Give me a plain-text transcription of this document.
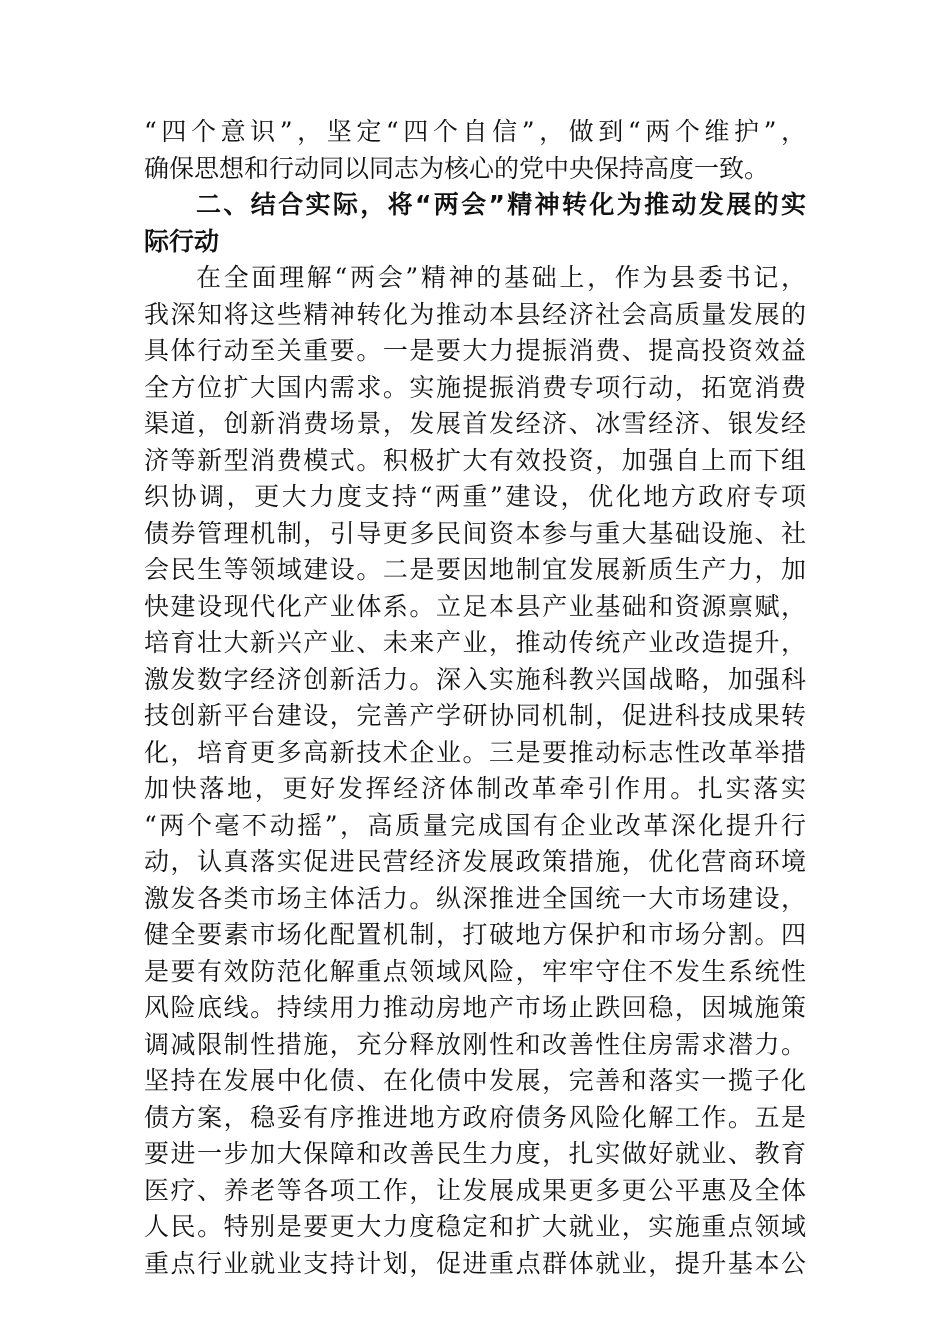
“四个意识”，坚定“四个自信”，做到“两个维护”，
确保思想和行动同以同志为核心的党中央保持高度一致。
二、结合实际，将“两会”精神转化为推动发展的实
际行动
在全面理解“两会”精神的基础上，作为县委书记，
我深知将这些精神转化为推动本县经济社会高质量发展的
具体行动至关重要。一是要大力提振消费、提高投资效益
全方位扩大国内需求。实施提振消费专项行动，拓宽消费
渠道，创新消费场景，发展首发经济、冰雪经济、银发经
济等新型消费模式。积极扩大有效投资，加强自上而下组
织协调，更大力度支持“两重”建设，优化地方政府专项
债券管理机制，引导更多民间资本参与重大基础设施、社
会民生等领域建设。二是要因地制宜发展新质生产力，加
快建设现代化产业体系。立足本县产业基础和资源禀赋，
培育壮大新兴产业、未来产业，推动传统产业改造提升，
激发数字经济创新活力。深入实施科教兴国战略，加强科
技创新平台建设，完善产学研协同机制，促进科技成果转
化，培育更多高新技术企业。三是要推动标志性改革举措
加快落地，更好发挥经济体制改革牵引作用。扎实落实
“两个毫不动摇”，高质量完成国有企业改革深化提升行
动，认真落实促进民营经济发展政策措施，优化营商环境
激发各类市场主体活力。纵深推进全国统一大市场建设，
健全要素市场化配置机制，打破地方保护和市场分割。四
是要有效防范化解重点领域风险，牢牢守住不发生系统性
风险底线。持续用力推动房地产市场止跌回稳，因城施策
调减限制性措施，充分释放刚性和改善性住房需求潜力。
坚持在发展中化债、在化债中发展，完善和落实一揽子化
债方案，稳妥有序推进地方政府债务风险化解工作。五是
要进一步加大保障和改善民生力度，扎实做好就业、教育
医疗、养老等各项工作，让发展成果更多更公平惠及全体
人民。特别是要更大力度稳定和扩大就业，实施重点领域
重点行业就业支持计划，促进重点群体就业，提升基本公
